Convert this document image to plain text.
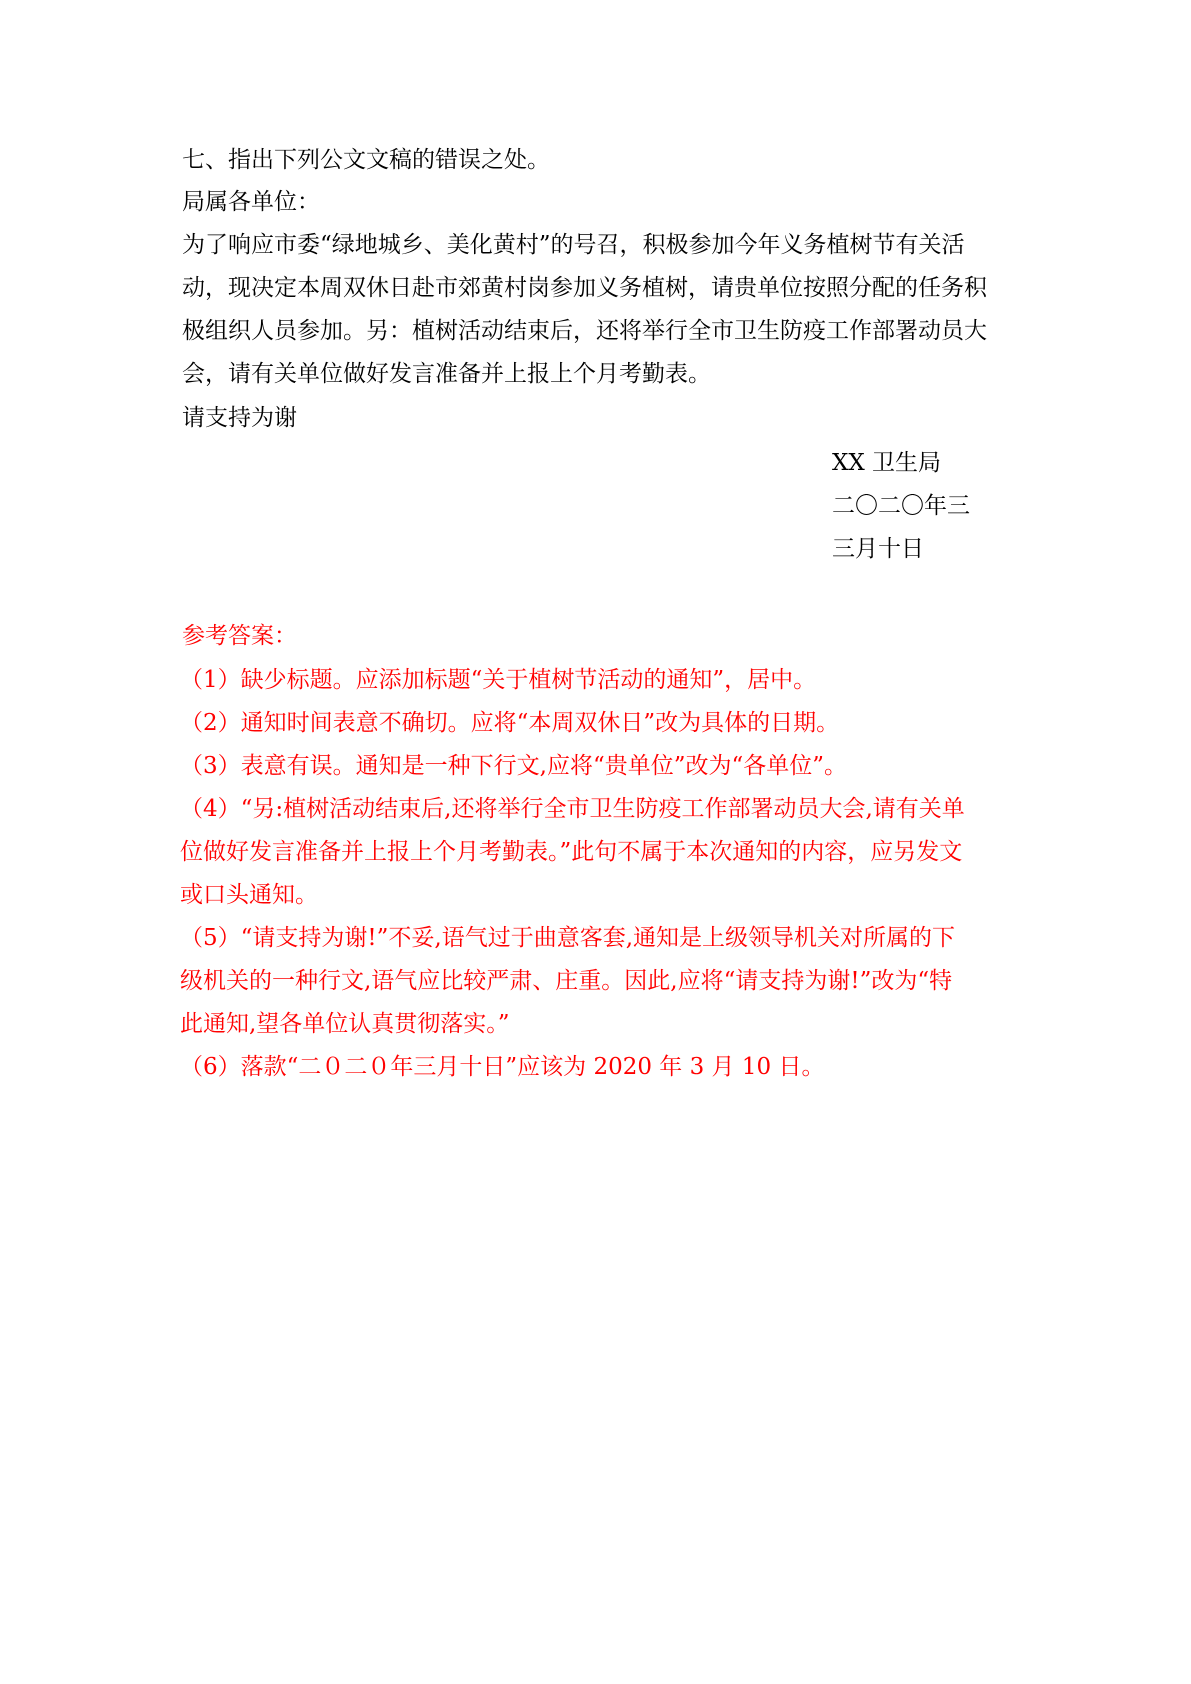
七、指出下列公文文稿的错误之处。

局属各单位：

为了响应市委“绿地城乡、美化黄村”的号召，积极参加今年义务植树节有关活

动，现决定本周双休日赴市郊黄村岗参加义务植树，请贵单位按照分配的任务积

极组织人员参加。另：植树活动结束后，还将举行全市卫生防疫工作部署动员大

会，请有关单位做好发言准备并上报上个月考勤表。

请支持为谢

XX 卫生局

二〇二〇年三

三月十日

参考答案：

（1）缺少标题。应添加标题“关于植树节活动的通知”，居中。

（2）通知时间表意不确切。应将“本周双休日”改为具体的日期。

（3）表意有误。通知是一种下行文,应将“贵单位”改为“各单位”。

（4）“另:植树活动结束后,还将举行全市卫生防疫工作部署动员大会,请有关单

位做好发言准备并上报上个月考勤表。”此句不属于本次通知的内容，应另发文

或口头通知。

（5）“请支持为谢!”不妥,语气过于曲意客套,通知是上级领导机关对所属的下

级机关的一种行文,语气应比较严肃、庄重。因此,应将“请支持为谢!”改为“特

此通知,望各单位认真贯彻落实。”

（6）落款“二０二０年三月十日”应该为 2020 年 3 月 10 日。
